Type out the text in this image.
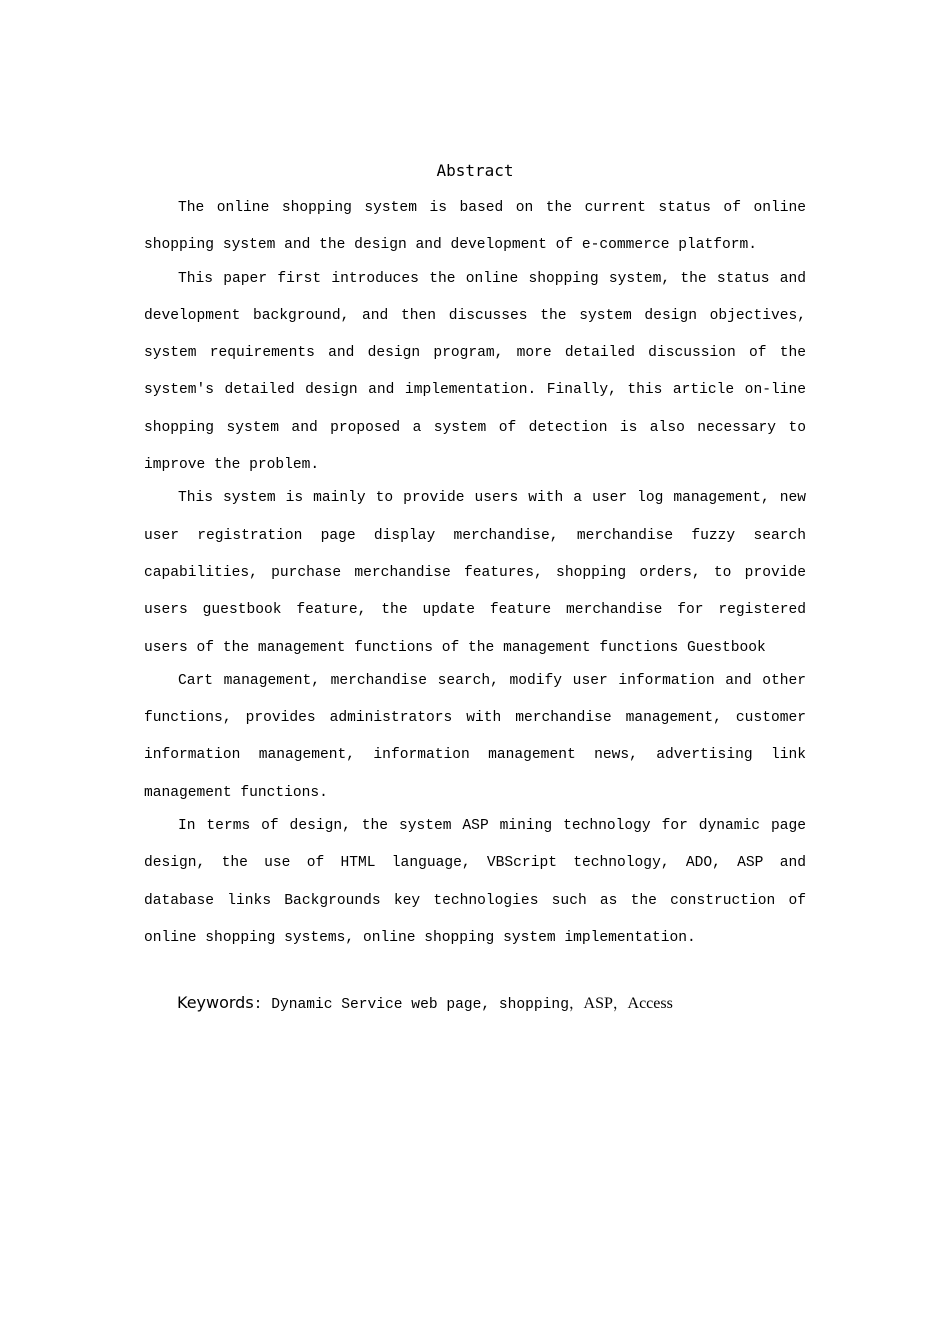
Abstract

The online shopping system is based on the current status of online shopping system and the design and development of e-commerce platform.

This paper first introduces the online shopping system, the status and development background, and then discusses the system design objectives, system requirements and design program, more detailed discussion of the system's detailed design and implementation. Finally, this article on-line shopping system and proposed a system of detection is also necessary to improve the problem.

This system is mainly to provide users with a user log management, new user registration page display merchandise, merchandise fuzzy search capabilities, purchase merchandise features, shopping orders, to provide users guestbook feature, the update feature merchandise for registered users of the management functions of the management functions Guestbook

Cart management, merchandise search, modify user information and other functions, provides administrators with merchandise management, customer information management, information management news, advertising link management functions.

In terms of design, the system ASP mining technology for dynamic page design, the use of HTML language, VBScript technology, ADO, ASP and database links Backgrounds key technologies such as the construction of online shopping systems, online shopping system implementation.

Keywords: Dynamic Service web page, shopping，ASP，Access
